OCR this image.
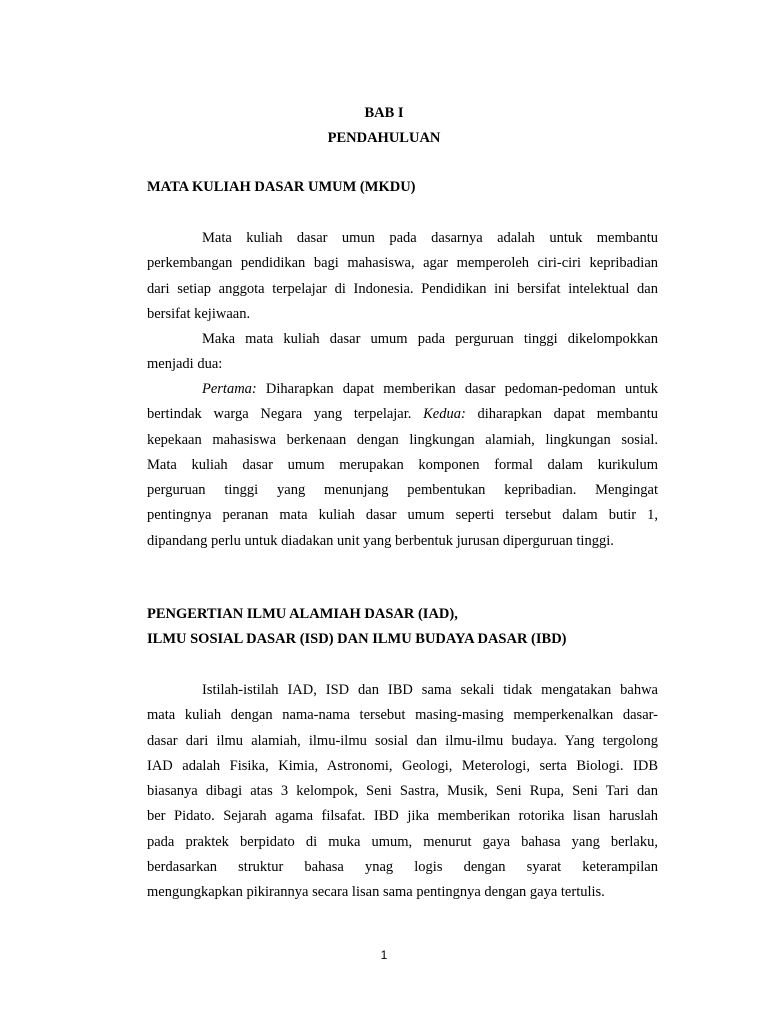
BAB I

PENDAHULUAN

MATA KULIAH DASAR UMUM (MKDU)

Mata kuliah dasar umun pada dasarnya adalah untuk membantu
perkembangan pendidikan bagi mahasiswa, agar memperoleh ciri-ciri kepribadian
dari setiap anggota terpelajar di Indonesia. Pendidikan ini bersifat intelektual dan
bersifat kejiwaan.
Maka mata kuliah dasar umum pada perguruan tinggi dikelompokkan
menjadi dua:
Pertama: Diharapkan dapat memberikan dasar pedoman-pedoman untuk
bertindak warga Negara yang terpelajar. Kedua: diharapkan dapat membantu
kepekaan mahasiswa berkenaan dengan lingkungan alamiah, lingkungan sosial.
Mata kuliah dasar umum merupakan komponen formal dalam kurikulum
perguruan tinggi yang menunjang pembentukan kepribadian. Mengingat
pentingnya peranan mata kuliah dasar umum seperti tersebut dalam butir 1,
dipandang perlu untuk diadakan unit yang berbentuk jurusan diperguruan tinggi.
PENGERTIAN ILMU ALAMIAH DASAR (IAD),
ILMU SOSIAL DASAR (ISD) DAN ILMU BUDAYA DASAR (IBD)
Istilah-istilah IAD, ISD dan IBD sama sekali tidak mengatakan bahwa
mata kuliah dengan nama-nama tersebut masing-masing memperkenalkan dasar-
dasar dari ilmu alamiah, ilmu-ilmu sosial dan ilmu-ilmu budaya. Yang tergolong
IAD adalah Fisika, Kimia, Astronomi, Geologi, Meterologi, serta Biologi. IDB
biasanya dibagi atas 3 kelompok, Seni Sastra, Musik, Seni Rupa, Seni Tari dan
ber Pidato. Sejarah agama filsafat. IBD jika memberikan rotorika lisan haruslah
pada praktek berpidato di muka umum, menurut gaya bahasa yang berlaku,
berdasarkan struktur bahasa ynag logis dengan syarat keterampilan
mengungkapkan pikirannya secara lisan sama pentingnya dengan gaya tertulis.

1
